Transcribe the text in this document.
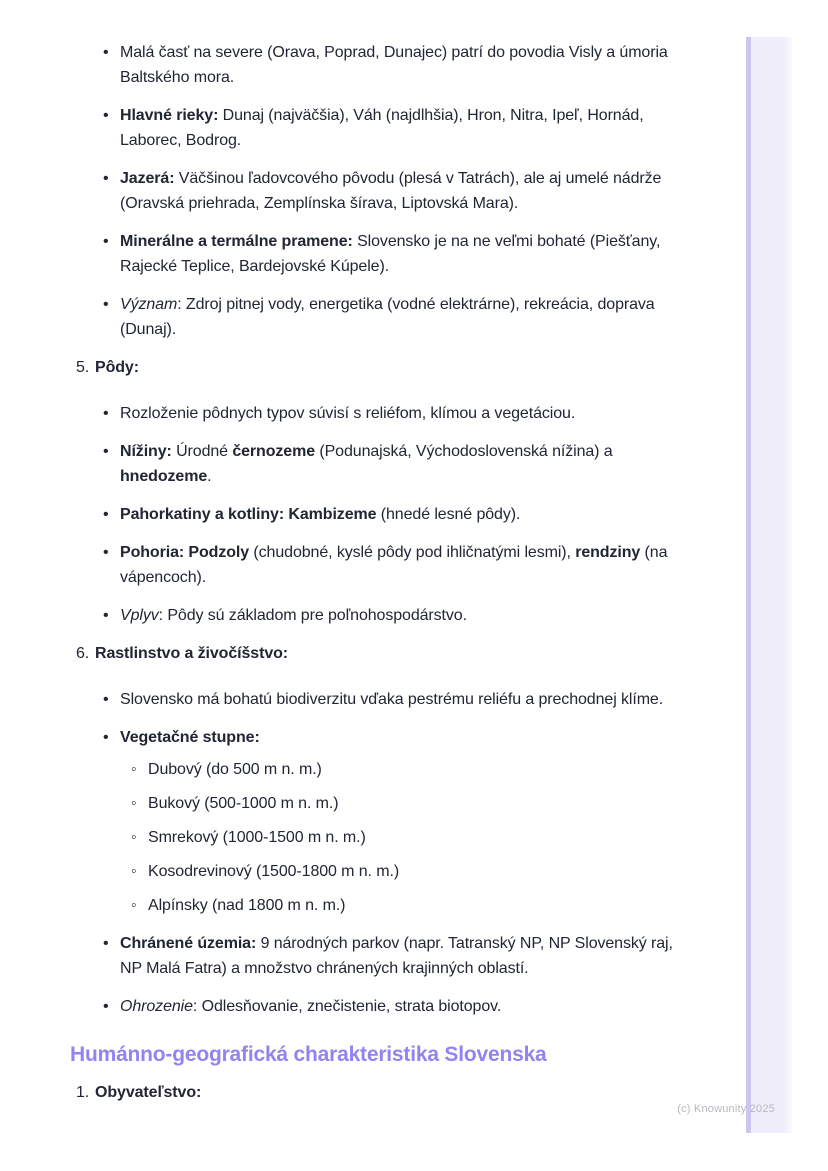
• Malá časť na severe (Orava, Poprad, Dunajec) patrí do povodia Visly a úmoria Baltského mora.
• Hlavné rieky: Dunaj (najväčšia), Váh (najdlhšia), Hron, Nitra, Ipeľ, Hornád, Laborec, Bodrog.
• Jazerá: Väčšinou ľadovcového pôvodu (plesá v Tatrách), ale aj umelé nádrže (Oravská priehrada, Zemplínska šírava, Liptovská Mara).
• Minerálne a termálne pramene: Slovensko je na ne veľmi bohaté (Piešťany, Rajecké Teplice, Bardejovské Kúpele).
• Význam: Zdroj pitnej vody, energetika (vodné elektrárne), rekreácia, doprava (Dunaj).
5. Pôdy:
• Rozloženie pôdnych typov súvisí s reliéfom, klímou a vegetáciou.
• Nížiny: Úrodné černozeme (Podunajská, Východoslovenská nížina) a hnedozeme.
• Pahorkatiny a kotliny: Kambizeme (hnedé lesné pôdy).
• Pohoria: Podzoly (chudobné, kyslé pôdy pod ihličnatými lesmi), rendziny (na vápencoch).
• Vplyv: Pôdy sú základom pre poľnohospodárstvo.
6. Rastlinstvo a živočíšstvo:
• Slovensko má bohatú biodiverzitu vďaka pestrému reliéfu a prechodnej klíme.
• Vegetačné stupne:
◦ Dubový (do 500 m n. m.)
◦ Bukový (500-1000 m n. m.)
◦ Smrekový (1000-1500 m n. m.)
◦ Kosodrevinový (1500-1800 m n. m.)
◦ Alpínsky (nad 1800 m n. m.)
• Chránené územia: 9 národných parkov (napr. Tatranský NP, NP Slovenský raj, NP Malá Fatra) a množstvo chránených krajinných oblastí.
• Ohrozenie: Odlesňovanie, znečistenie, strata biotopov.
Humánno-geografická charakteristika Slovenska
1. Obyvateľstvo:
(c) Knowunity 2025
